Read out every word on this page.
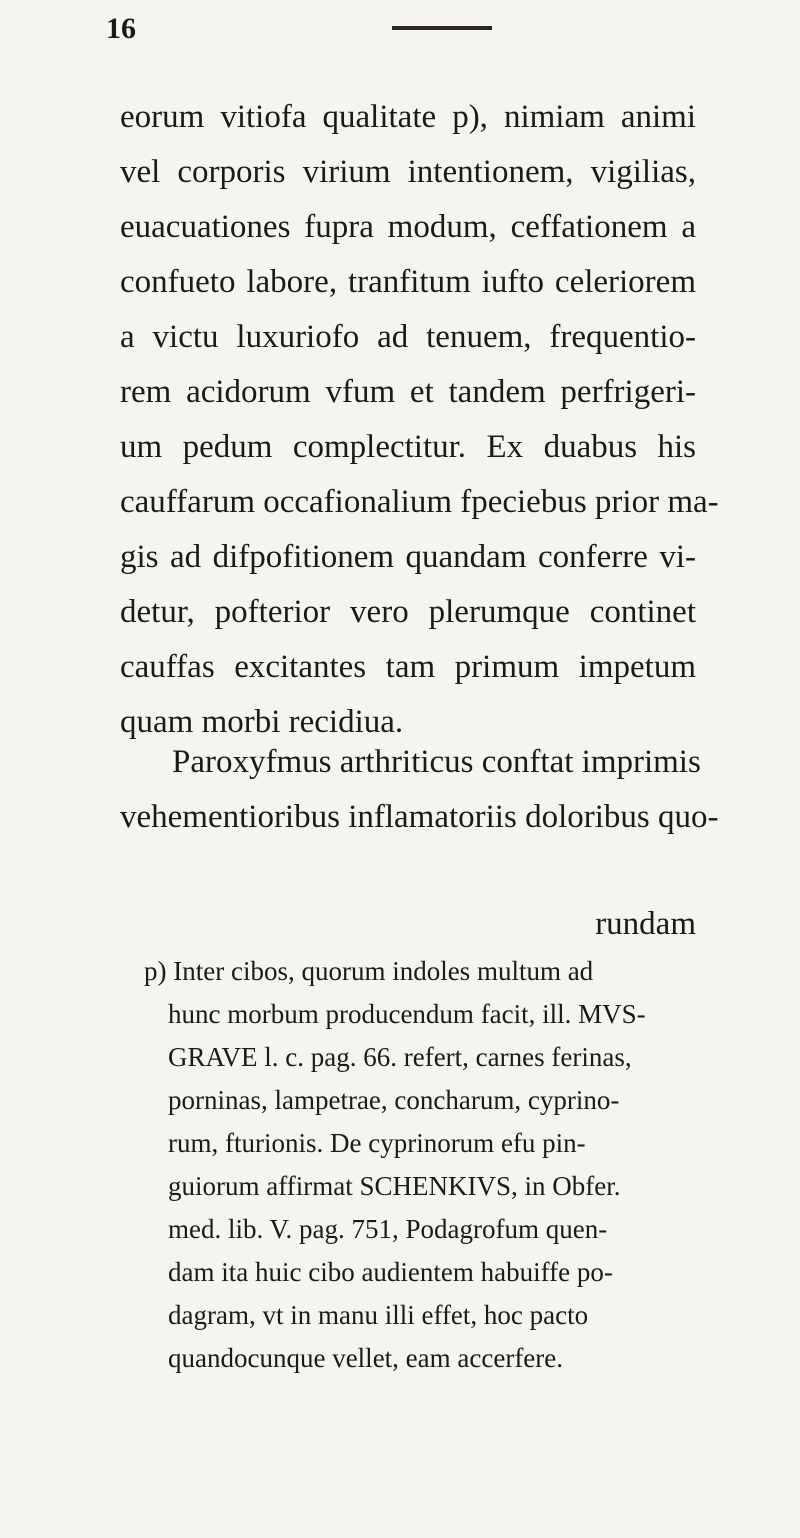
16
eorum vitiofa qualitate p), nimiam animi
vel corporis virium intentionem, vigilias,
euacuationes fupra modum, ceffationem a
confueto labore, tranfitum iufto celeriorem
a victu luxuriofo ad tenuem, frequentio-
rem acidorum vfum et tandem perfrigeri-
um pedum complectitur. Ex duabus his
cauffarum occafionalium fpeciebus prior ma-
gis ad difpofitionem quandam conferre vi-
detur, pofterior vero plerumque continet
cauffas excitantes tam primum impetum
quam morbi recidiua.
Paroxyfmus arthriticus conftat imprimis
vehementioribus inflamatoriis doloribus quo-
rundam
p) Inter cibos, quorum indoles multum ad
hunc morbum producendum facit, ill. MVS-
GRAVE l. c. pag. 66. refert, carnes ferinas,
porninas, lampetrae, concharum, cyprino-
rum, fturionis. De cyprinorum efu pin-
guiorum affirmat SCHENKIVS, in Obfer.
med. lib. V. pag. 751, Podagrofum quen-
dam ita huic cibo audientem habuiffe po-
dagram, vt in manu illi effet, hoc pacto
quandocunque vellet, eam accerfere.
